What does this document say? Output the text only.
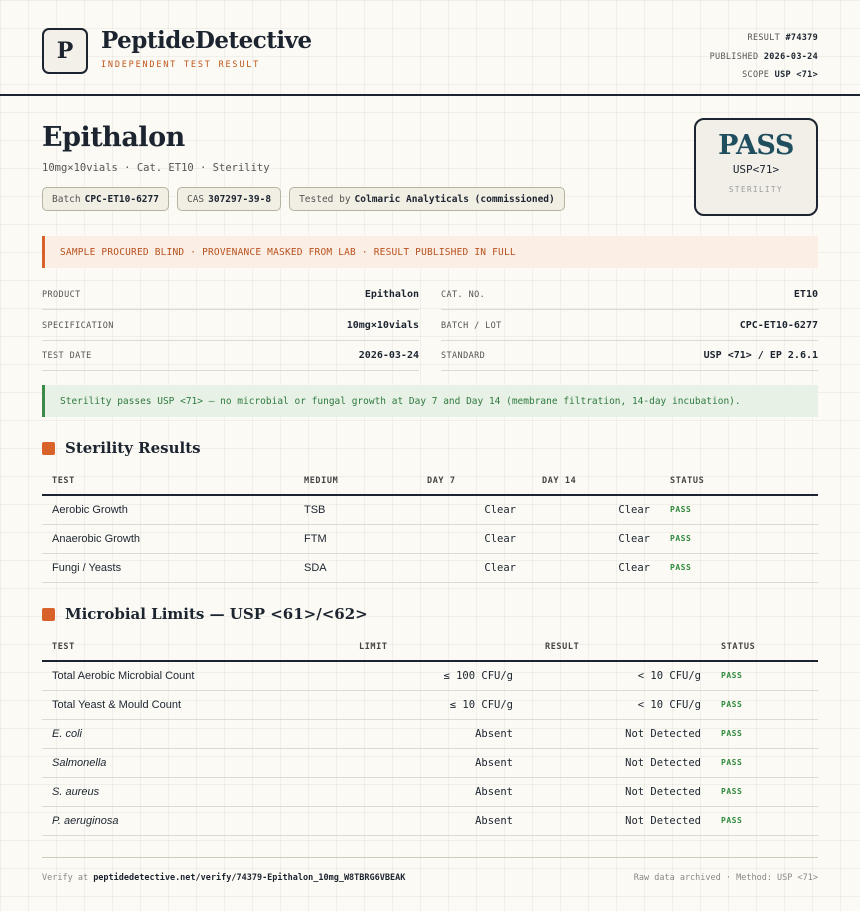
P	PeptideDetective
INDEPENDENT TEST RESULT
RESULT #74379
PUBLISHED 2026-03-24
SCOPE USP <71>
Epithalon
10mg×10vials · Cat. ET10 · Sterility
Batch CPC-ET10-6277	CAS 307297-39-8	Tested by Colmaric Analyticals (commissioned)
PASS
USP<71>
STERILITY
SAMPLE PROCURED BLIND · PROVENANCE MASKED FROM LAB · RESULT PUBLISHED IN FULL
PRODUCT	Epithalon
SPECIFICATION	10mg×10vials
TEST DATE	2026-03-24
CAT. NO.	ET10
BATCH / LOT	CPC-ET10-6277
STANDARD	USP <71> / EP 2.6.1
Sterility passes USP <71> — no microbial or fungal growth at Day 7 and Day 14 (membrane filtration, 14-day incubation).
Sterility Results
TEST	MEDIUM	DAY 7	DAY 14	STATUS
Aerobic Growth	TSB	Clear	Clear	PASS
Anaerobic Growth	FTM	Clear	Clear	PASS
Fungi / Yeasts	SDA	Clear	Clear	PASS
Microbial Limits — USP <61>/<62>
TEST	LIMIT	RESULT	STATUS
Total Aerobic Microbial Count	≤ 100 CFU/g	< 10 CFU/g	PASS
Total Yeast & Mould Count	≤ 10 CFU/g	< 10 CFU/g	PASS
E. coli	Absent	Not Detected	PASS
Salmonella	Absent	Not Detected	PASS
S. aureus	Absent	Not Detected	PASS
P. aeruginosa	Absent	Not Detected	PASS
Verify at peptidedetective.net/verify/74379-Epithalon_10mg_W8TBRG6VBEAK	Raw data archived · Method: USP <71>
